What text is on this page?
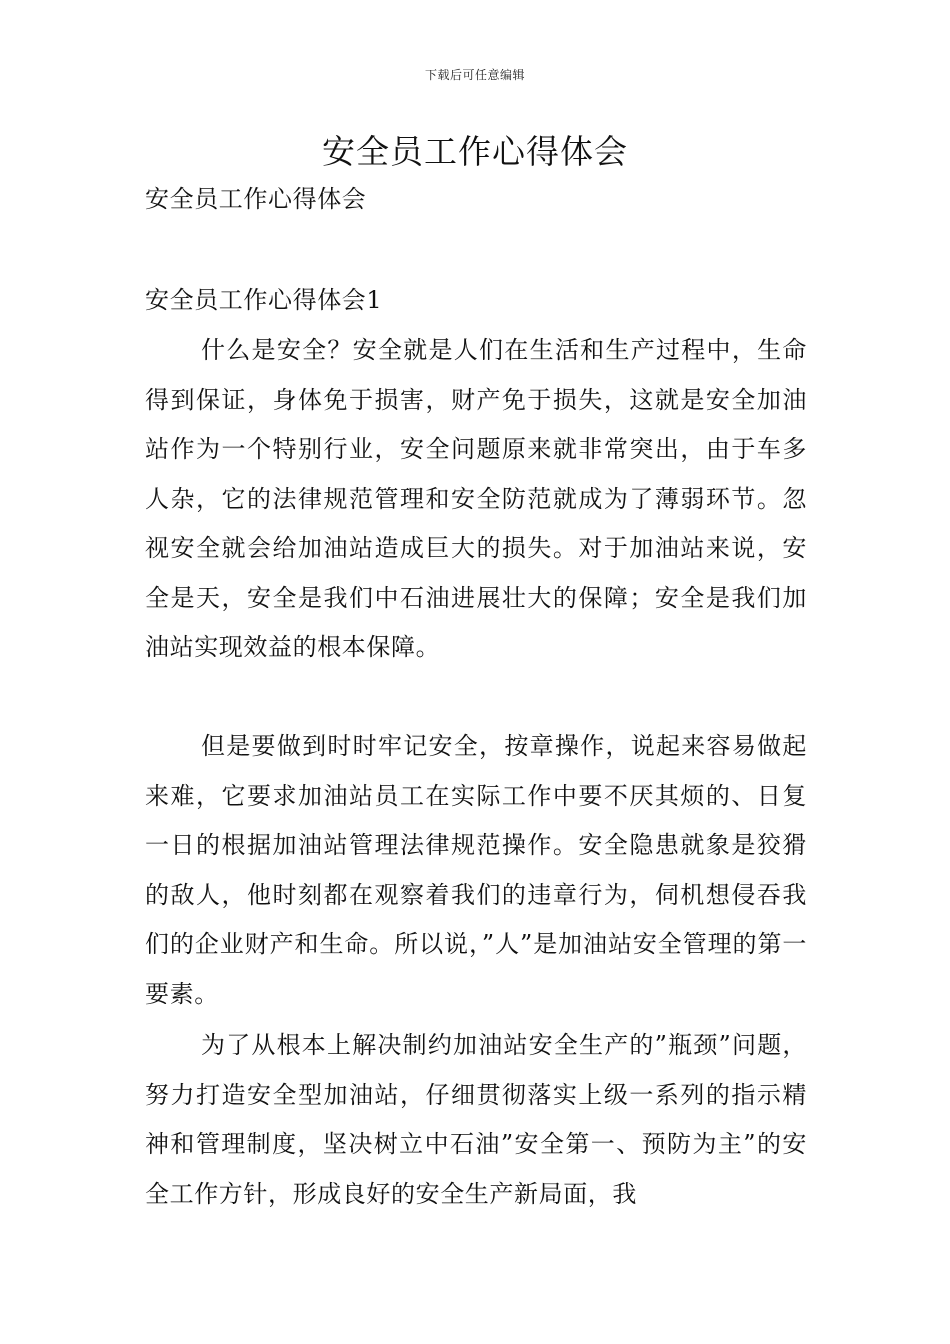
下载后可任意编辑
安全员工作心得体会
安全员工作心得体会
安全员工作心得体会1

什么是安全？安全就是人们在生活和生产过程中，生命得到保证，身体免于损害，财产免于损失，这就是安全加油站作为一个特别行业，安全问题原来就非常突出，由于车多人杂，它的法律规范管理和安全防范就成为了薄弱环节。忽视安全就会给加油站造成巨大的损失。对于加油站来说，安全是天，安全是我们中石油进展壮大的保障；安全是我们加油站实现效益的根本保障。

但是要做到时时牢记安全，按章操作，说起来容易做起来难，它要求加油站员工在实际工作中要不厌其烦的、日复一日的根据加油站管理法律规范操作。安全隐患就象是狡猾的敌人，他时刻都在观察着我们的违章行为，伺机想侵吞我们的企业财产和生命。所以说，”人”是加油站安全管理的第一要素。

为了从根本上解决制约加油站安全生产的”瓶颈”问题，努力打造安全型加油站，仔细贯彻落实上级一系列的指示精神和管理制度，坚决树立中石油”安全第一、预防为主”的安全工作方针，形成良好的安全生产新局面，我
